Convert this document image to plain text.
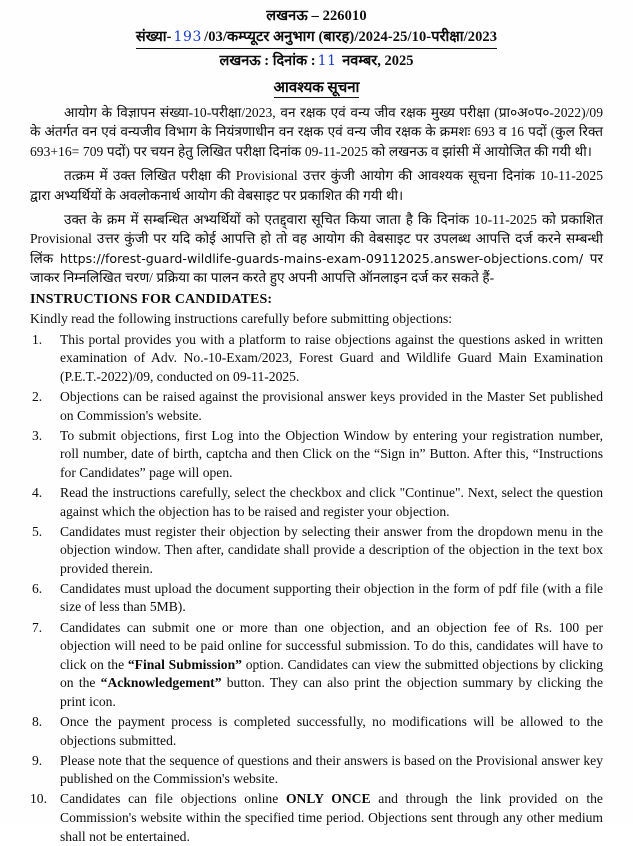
लखनऊ – 226010
संख्या- 193 /03/कम्प्यूटर अनुभाग (बारह)/2024-25/10-परीक्षा/2023
लखनऊ : दिनांक : 11 नवम्बर, 2025
आवश्यक सूचना

आयोग के विज्ञापन संख्या-10-परीक्षा/2023, वन रक्षक एवं वन्य जीव रक्षक मुख्य परीक्षा (प्रा०अ०प०-2022)/09 के अंतर्गत वन एवं वन्यजीव विभाग के नियंत्रणाधीन वन रक्षक एवं वन्य जीव रक्षक के क्रमशः 693 व 16 पदों (कुल रिक्त 693+16= 709 पदों) पर चयन हेतु लिखित परीक्षा दिनांक 09-11-2025 को लखनऊ व झांसी में आयोजित की गयी थी।

तत्क्रम में उक्त लिखित परीक्षा की Provisional उत्तर कुंजी आयोग की आवश्यक सूचना दिनांक 10-11-2025 द्वारा अभ्यर्थियों के अवलोकनार्थ आयोग की वेबसाइट पर प्रकाशित की गयी थी।

उक्त के क्रम में सम्बन्धित अभ्यर्थियों को एतद्द्वारा सूचित किया जाता है कि दिनांक 10-11-2025 को प्रकाशित Provisional उत्तर कुंजी पर यदि कोई आपत्ति हो तो वह आयोग की वेबसाइट पर उपलब्ध आपत्ति दर्ज करने सम्बन्धी लिंक https://forest-guard-wildlife-guards-mains-exam-09112025.answer-objections.com/ पर जाकर निम्नलिखित चरण/ प्रक्रिया का पालन करते हुए अपनी आपत्ति ऑनलाइन दर्ज कर सकते हैं-

INSTRUCTIONS FOR CANDIDATES:
Kindly read the following instructions carefully before submitting objections:
This portal provides you with a platform to raise objections against the questions asked in written examination of Adv. No.-10-Exam/2023, Forest Guard and Wildlife Guard Main Examination (P.E.T.-2022)/09, conducted on 09-11-2025.
Objections can be raised against the provisional answer keys provided in the Master Set published on Commission's website.
To submit objections, first Log into the Objection Window by entering your registration number, roll number, date of birth, captcha and then Click on the “Sign in” Button. After this, “Instructions for Candidates” page will open.
Read the instructions carefully, select the checkbox and click "Continue". Next, select the question against which the objection has to be raised and register your objection.
Candidates must register their objection by selecting their answer from the dropdown menu in the objection window. Then after, candidate shall provide a description of the objection in the text box provided therein.
Candidates must upload the document supporting their objection in the form of pdf file (with a file size of less than 5MB).
Candidates can submit one or more than one objection, and an objection fee of Rs. 100 per objection will need to be paid online for successful submission. To do this, candidates will have to click on the “Final Submission” option. Candidates can view the submitted objections by clicking on the “Acknowledgement” button. They can also print the objection summary by clicking the print icon.
Once the payment process is completed successfully, no modifications will be allowed to the objections submitted.
Please note that the sequence of questions and their answers is based on the Provisional answer key published on the Commission's website.
Candidates can file objections online ONLY ONCE and through the link provided on the Commission's website within the specified time period. Objections sent through any other medium shall not be entertained.
